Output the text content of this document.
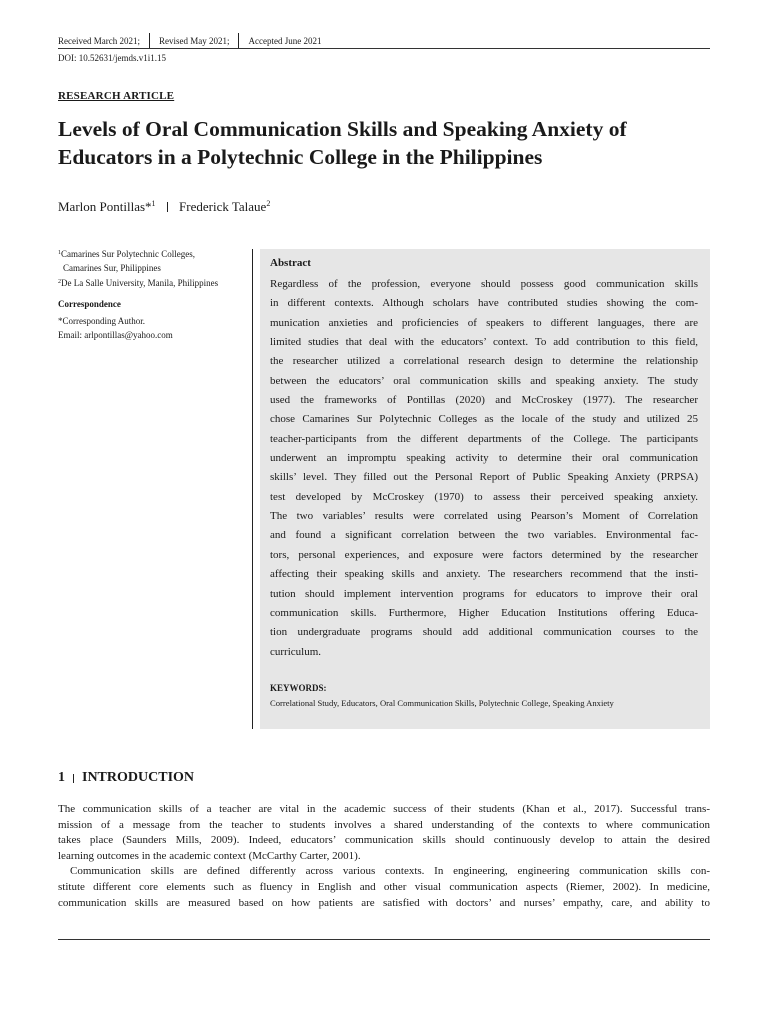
Received March 2021; Revised May 2021; Accepted June 2021
DOI: 10.52631/jemds.v1i1.15
RESEARCH ARTICLE
Levels of Oral Communication Skills and Speaking Anxiety of
Educators in a Polytechnic College in the Philippines
Marlon Pontillas*$^1$ Frederick Talaue$^2$
$^1$Camarines Sur Polytechnic Colleges,
Camarines Sur, Philippines
$^2$De La Salle University, Manila, Philippines
Correspondence
*Corresponding Author.
Email: arlpontillas@yahoo.com
Abstract
Regardless of the profession, everyone should possess good communication skills
in different contexts. Although scholars have contributed studies showing the com-
munication anxieties and proficiencies of speakers to different languages, there are
limited studies that deal with the educators’ context. To add contribution to this field,
the researcher utilized a correlational research design to determine the relationship
between the educators’ oral communication skills and speaking anxiety. The study
used the frameworks of Pontillas (2020) and McCroskey (1977). The researcher
chose Camarines Sur Polytechnic Colleges as the locale of the study and utilized 25
teacher-participants from the different departments of the College. The participants
underwent an impromptu speaking activity to determine their oral communication
skills’ level. They filled out the Personal Report of Public Speaking Anxiety (PRPSA)
test developed by McCroskey (1970) to assess their perceived speaking anxiety.
The two variables’ results were correlated using Pearson’s Moment of Correlation
and found a significant correlation between the two variables. Environmental fac-
tors, personal experiences, and exposure were factors determined by the researcher
affecting their speaking skills and anxiety. The researchers recommend that the insti-
tution should implement intervention programs for educators to improve their oral
communication skills. Furthermore, Higher Education Institutions offering Educa-
tion undergraduate programs should add additional communication courses to the
curriculum.
KEYWORDS:
Correlational Study, Educators, Oral Communication Skills, Polytechnic College, Speaking Anxiety
1 INTRODUCTION
The communication skills of a teacher are vital in the academic success of their students (Khan et al., 2017). Successful trans-
mission of a message from the teacher to students involves a shared understanding of the contexts to where communication
takes place (Saunders Mills, 2009). Indeed, educators’ communication skills should continuously develop to attain the desired
learning outcomes in the academic context (McCarthy Carter, 2001).
Communication skills are defined differently across various contexts. In engineering, engineering communication skills con-
stitute different core elements such as fluency in English and other visual communication aspects (Riemer, 2002). In medicine,
communication skills are measured based on how patients are satisfied with doctors’ and nurses’ empathy, care, and ability to
